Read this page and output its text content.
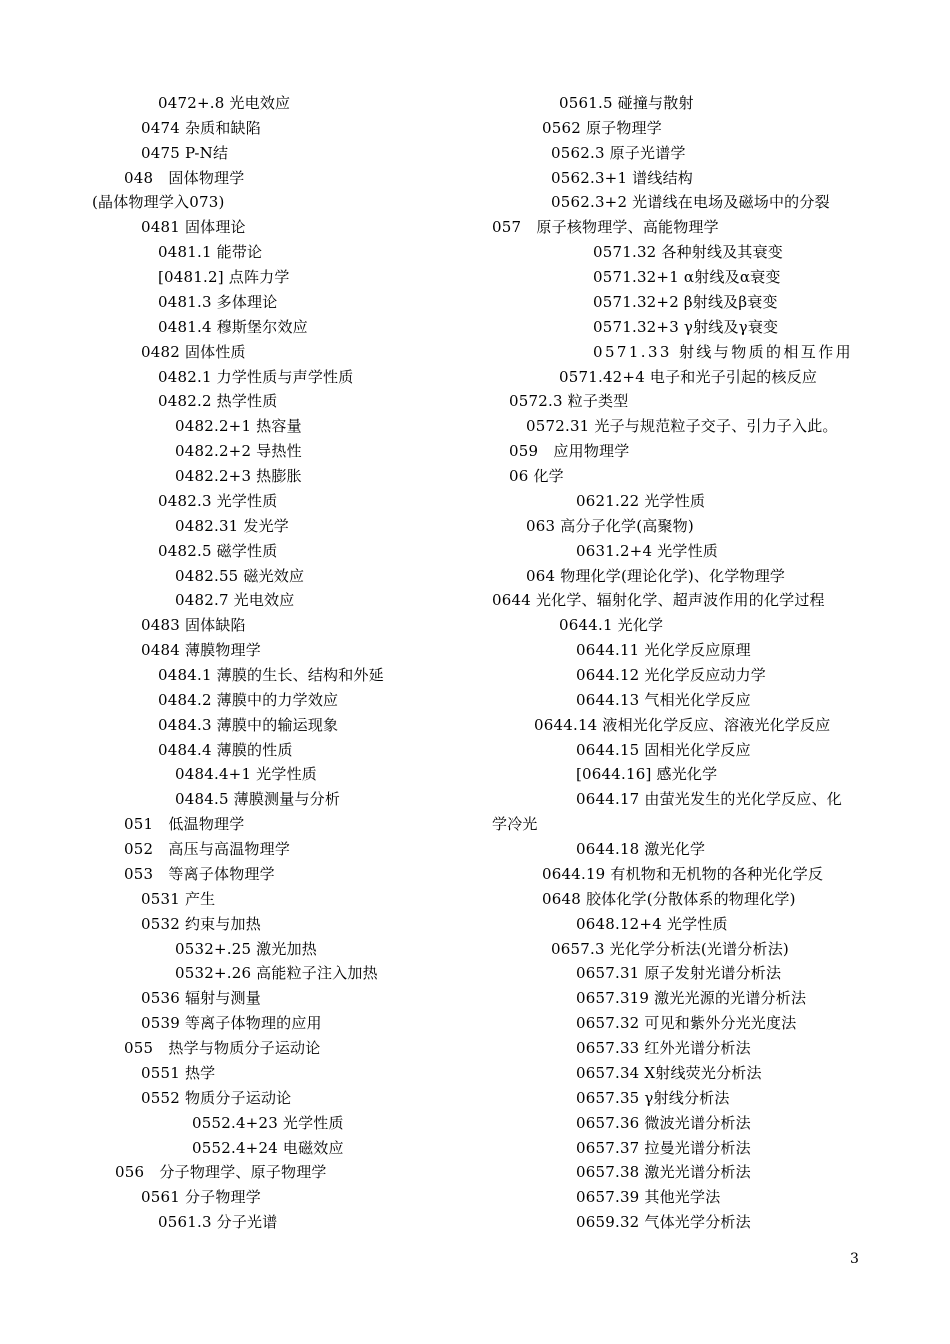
0472+.8 光电效应
0474 杂质和缺陷
0475 P-N结
048　固体物理学
(晶体物理学入073)
0481 固体理论
0481.1 能带论
[0481.2] 点阵力学
0481.3 多体理论
0481.4 穆斯堡尔效应
0482 固体性质
0482.1 力学性质与声学性质
0482.2 热学性质
0482.2+1 热容量
0482.2+2 导热性
0482.2+3 热膨胀
0482.3 光学性质
0482.31 发光学
0482.5 磁学性质
0482.55 磁光效应
0482.7 光电效应
0483 固体缺陷
0484 薄膜物理学
0484.1 薄膜的生长、结构和外延
0484.2 薄膜中的力学效应
0484.3 薄膜中的输运现象
0484.4 薄膜的性质
0484.4+1 光学性质
0484.5 薄膜测量与分析
051　低温物理学
052　高压与高温物理学
053　等离子体物理学
0531 产生
0532 约束与加热
0532+.25 激光加热
0532+.26 高能粒子注入加热
0536 辐射与测量
0539 等离子体物理的应用
055　热学与物质分子运动论
0551 热学
0552 物质分子运动论
0552.4+23 光学性质
0552.4+24 电磁效应
056　分子物理学、原子物理学
0561 分子物理学
0561.3 分子光谱
0561.5 碰撞与散射
0562 原子物理学
0562.3 原子光谱学
0562.3+1 谱线结构
0562.3+2 光谱线在电场及磁场中的分裂
057　原子核物理学、高能物理学
0571.32 各种射线及其衰变
0571.32+1 α射线及α衰变
0571.32+2 β射线及β衰变
0571.32+3 γ射线及γ衰变
0571.33 射线与物质的相互作用
0571.42+4 电子和光子引起的核反应
0572.3 粒子类型
0572.31 光子与规范粒子交子、引力子入此。
059　应用物理学
06 化学
0621.22 光学性质
063 高分子化学(高聚物)
0631.2+4 光学性质
064 物理化学(理论化学)、化学物理学
0644 光化学、辐射化学、超声波作用的化学过程
0644.1 光化学
0644.11 光化学反应原理
0644.12 光化学反应动力学
0644.13 气相光化学反应
0644.14 液相光化学反应、溶液光化学反应
0644.15 固相光化学反应
[0644.16] 感光化学
0644.17 由萤光发生的光化学反应、化
学冷光
0644.18 激光化学
0644.19 有机物和无机物的各种光化学反
0648 胶体化学(分散体系的物理化学)
0648.12+4 光学性质
0657.3 光化学分析法(光谱分析法)
0657.31 原子发射光谱分析法
0657.319 激光光源的光谱分析法
0657.32 可见和紫外分光光度法
0657.33 红外光谱分析法
0657.34 X射线荧光分析法
0657.35 γ射线分析法
0657.36 微波光谱分析法
0657.37 拉曼光谱分析法
0657.38 激光光谱分析法
0657.39 其他光学法
0659.32 气体光学分析法
3
